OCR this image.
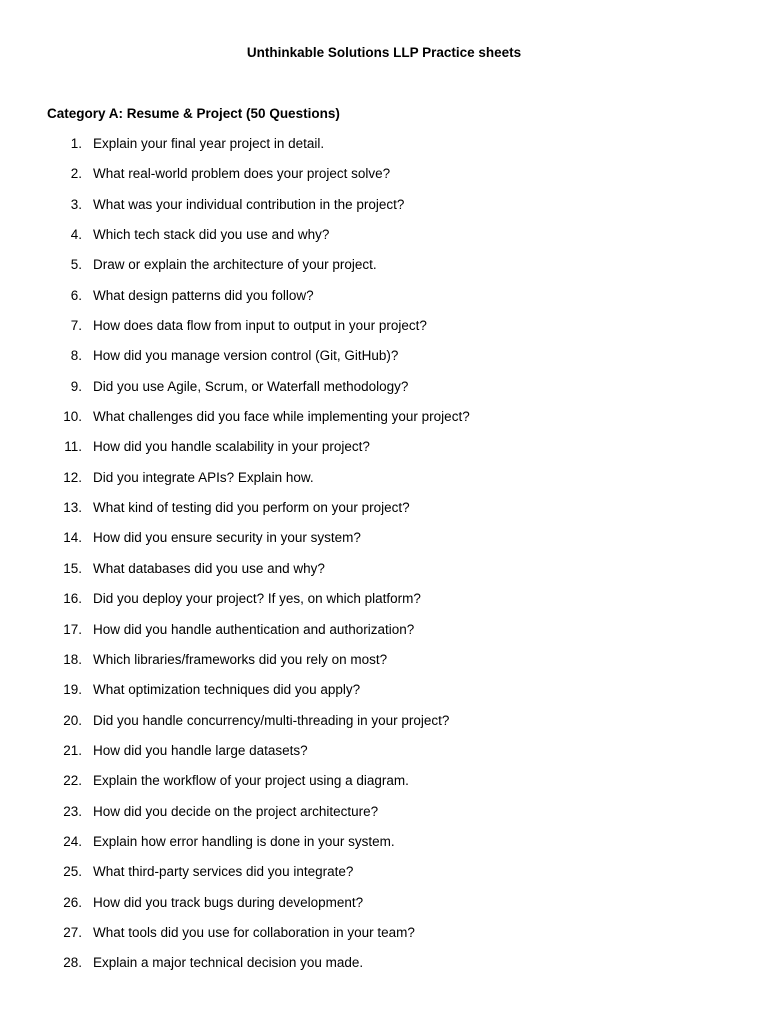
Unthinkable Solutions LLP Practice sheets
Category A: Resume & Project (50 Questions)
1. Explain your final year project in detail.
2. What real-world problem does your project solve?
3. What was your individual contribution in the project?
4. Which tech stack did you use and why?
5. Draw or explain the architecture of your project.
6. What design patterns did you follow?
7. How does data flow from input to output in your project?
8. How did you manage version control (Git, GitHub)?
9. Did you use Agile, Scrum, or Waterfall methodology?
10. What challenges did you face while implementing your project?
11. How did you handle scalability in your project?
12. Did you integrate APIs? Explain how.
13. What kind of testing did you perform on your project?
14. How did you ensure security in your system?
15. What databases did you use and why?
16. Did you deploy your project? If yes, on which platform?
17. How did you handle authentication and authorization?
18. Which libraries/frameworks did you rely on most?
19. What optimization techniques did you apply?
20. Did you handle concurrency/multi-threading in your project?
21. How did you handle large datasets?
22. Explain the workflow of your project using a diagram.
23. How did you decide on the project architecture?
24. Explain how error handling is done in your system.
25. What third-party services did you integrate?
26. How did you track bugs during development?
27. What tools did you use for collaboration in your team?
28. Explain a major technical decision you made.
